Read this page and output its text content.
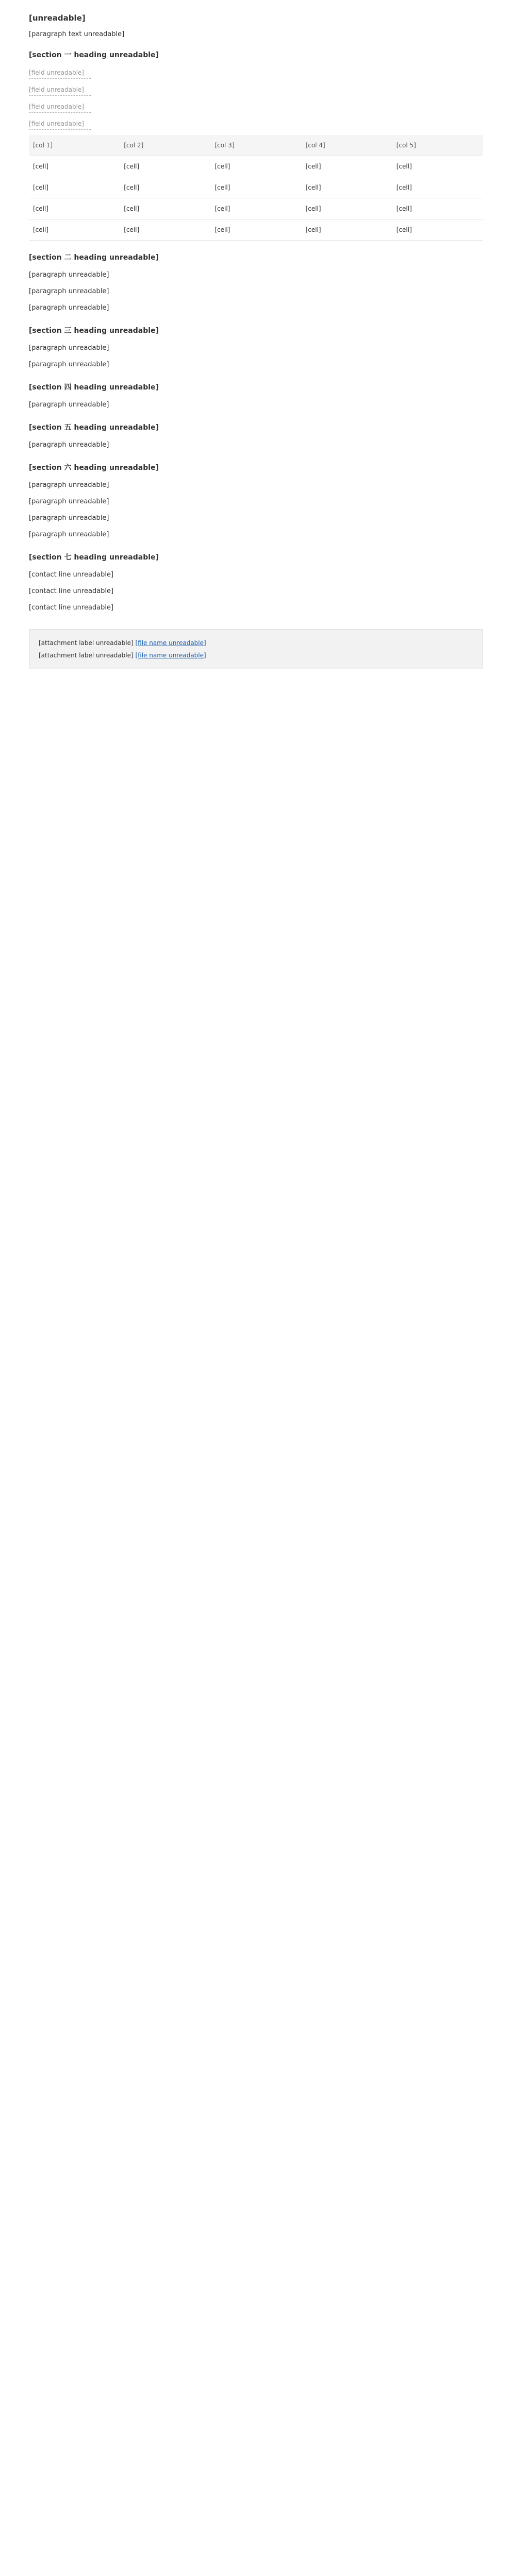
[unreadable]
[paragraph text unreadable]
[section 一 heading unreadable]
[field unreadable]
[field unreadable]
[field unreadable]
[field unreadable]
[col 1]	[col 2]	[col 3]	[col 4]	[col 5]
[cell]	[cell]	[cell]	[cell]	[cell]
[cell]	[cell]	[cell]	[cell]	[cell]
[cell]	[cell]	[cell]	[cell]	[cell]
[cell]	[cell]	[cell]	[cell]	[cell]
[section 二 heading unreadable]
[paragraph unreadable]
[paragraph unreadable]
[paragraph unreadable]
[section 三 heading unreadable]
[paragraph unreadable]
[paragraph unreadable]
[section 四 heading unreadable]
[paragraph unreadable]
[section 五 heading unreadable]
[paragraph unreadable]
[section 六 heading unreadable]
[paragraph unreadable]
[paragraph unreadable]
[paragraph unreadable]
[paragraph unreadable]
[section 七 heading unreadable]
[contact line unreadable]
[contact line unreadable]
[contact line unreadable]
[attachment label unreadable] [file name unreadable]
[attachment label unreadable] [file name unreadable]
